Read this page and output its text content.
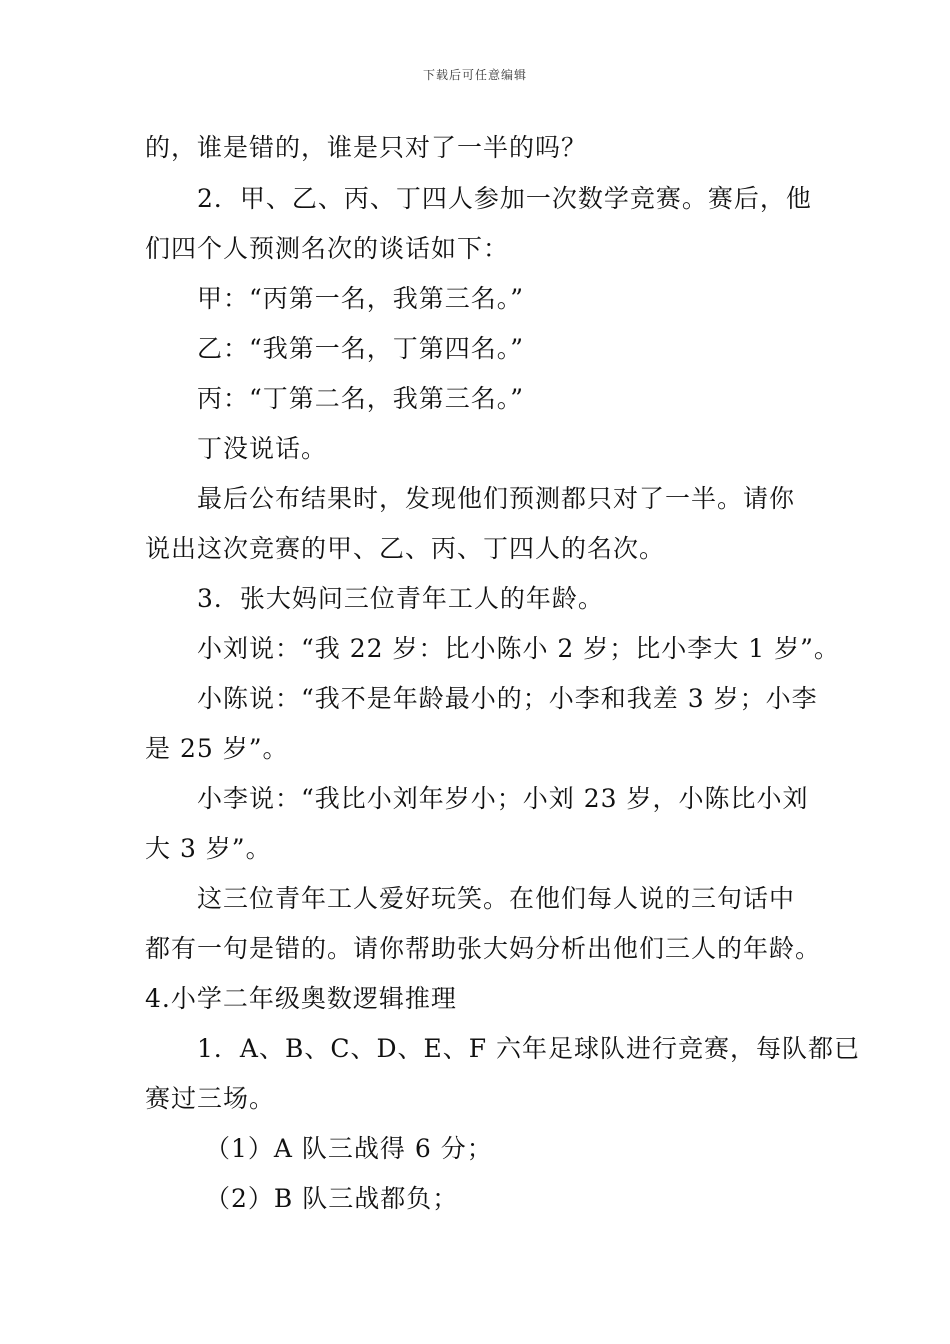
下载后可任意编辑
的，谁是错的，谁是只对了一半的吗？
2．甲、乙、丙、丁四人参加一次数学竞赛。赛后，他
们四个人预测名次的谈话如下：
甲：“丙第一名，我第三名。”
乙：“我第一名，丁第四名。”
丙：“丁第二名，我第三名。”
丁没说话。
最后公布结果时，发现他们预测都只对了一半。请你
说出这次竞赛的甲、乙、丙、丁四人的名次。
3．张大妈问三位青年工人的年龄。
小刘说：“我 22 岁：比小陈小 2 岁；比小李大 1 岁”。
小陈说：“我不是年龄最小的；小李和我差 3 岁；小李
是 25 岁”。
小李说：“我比小刘年岁小；小刘 23 岁，小陈比小刘
大 3 岁”。
这三位青年工人爱好玩笑。在他们每人说的三句话中
都有一句是错的。请你帮助张大妈分析出他们三人的年龄。
4.小学二年级奥数逻辑推理
1．A、B、C、D、E、F 六年足球队进行竞赛，每队都已
赛过三场。
（1）A 队三战得 6 分；
（2）B 队三战都负；
